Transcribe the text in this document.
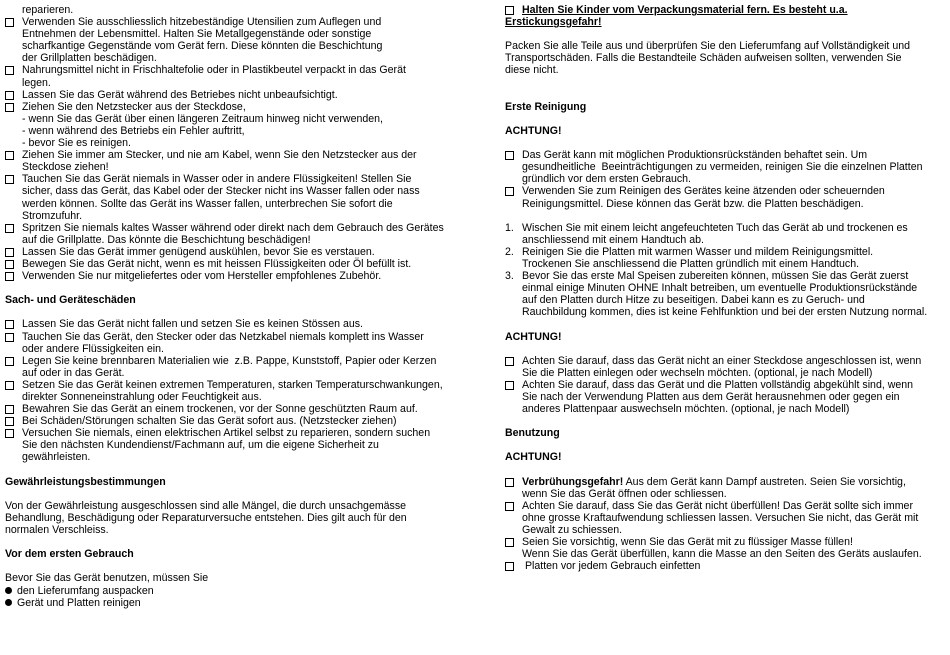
reparieren.
Verwenden Sie ausschliesslich hitzebeständige Utensilien zum Auflegen und
Entnehmen der Lebensmittel. Halten Sie Metallgegenstände oder sonstige
scharfkantige Gegenstände vom Gerät fern. Diese könnten die Beschichtung
der Grillplatten beschädigen.
Nahrungsmittel nicht in Frischhaltefolie oder in Plastikbeutel verpackt in das Gerät
legen.
Lassen Sie das Gerät während des Betriebes nicht unbeaufsichtigt.
Ziehen Sie den Netzstecker aus der Steckdose,
- wenn Sie das Gerät über einen längeren Zeitraum hinweg nicht verwenden,
- wenn während des Betriebs ein Fehler auftritt,
- bevor Sie es reinigen.
Ziehen Sie immer am Stecker, und nie am Kabel, wenn Sie den Netzstecker aus der
Steckdose ziehen!
Tauchen Sie das Gerät niemals in Wasser oder in andere Flüssigkeiten! Stellen Sie
sicher, dass das Gerät, das Kabel oder der Stecker nicht ins Wasser fallen oder nass
werden können. Sollte das Gerät ins Wasser fallen, unterbrechen Sie sofort die
Stromzufuhr.
Spritzen Sie niemals kaltes Wasser während oder direkt nach dem Gebrauch des Gerätes
auf die Grillplatte. Das könnte die Beschichtung beschädigen!
Lassen Sie das Gerät immer genügend auskühlen, bevor Sie es verstauen.
Bewegen Sie das Gerät nicht, wenn es mit heissen Flüssigkeiten oder Öl befüllt ist.
Verwenden Sie nur mitgeliefertes oder vom Hersteller empfohlenes Zubehör.
Sach- und Geräteschäden
Lassen Sie das Gerät nicht fallen und setzen Sie es keinen Stössen aus.
Tauchen Sie das Gerät, den Stecker oder das Netzkabel niemals komplett ins Wasser
oder andere Flüssigkeiten ein.
Legen Sie keine brennbaren Materialien wie  z.B. Pappe, Kunststoff, Papier oder Kerzen
auf oder in das Gerät.
Setzen Sie das Gerät keinen extremen Temperaturen, starken Temperaturschwankungen,
direkter Sonneneinstrahlung oder Feuchtigkeit aus.
Bewahren Sie das Gerät an einem trockenen, vor der Sonne geschützten Raum auf.
Bei Schäden/Störungen schalten Sie das Gerät sofort aus. (Netzstecker ziehen)
Versuchen Sie niemals, einen elektrischen Artikel selbst zu reparieren, sondern suchen
Sie den nächsten Kundendienst/Fachmann auf, um die eigene Sicherheit zu
gewährleisten.
Gewährleistungsbestimmungen
Von der Gewährleistung ausgeschlossen sind alle Mängel, die durch unsachgemässe
Behandlung, Beschädigung oder Reparaturversuche entstehen. Dies gilt auch für den
normalen Verschleiss.
Vor dem ersten Gebrauch
Bevor Sie das Gerät benutzen, müssen Sie
den Lieferumfang auspacken
Gerät und Platten reinigen
Halten Sie Kinder vom Verpackungsmaterial fern. Es besteht u.a.
Erstickungsgefahr!
Packen Sie alle Teile aus und überprüfen Sie den Lieferumfang auf Vollständigkeit und
Transportschäden. Falls die Bestandteile Schäden aufweisen sollten, verwenden Sie
diese nicht.
Erste Reinigung
ACHTUNG!
Das Gerät kann mit möglichen Produktionsrückständen behaftet sein. Um
gesundheitliche  Beeinträchtigungen zu vermeiden, reinigen Sie die einzelnen Platten
gründlich vor dem ersten Gebrauch.
Verwenden Sie zum Reinigen des Gerätes keine ätzenden oder scheuernden
Reinigungsmittel. Diese können das Gerät bzw. die Platten beschädigen.
1. Wischen Sie mit einem leicht angefeuchteten Tuch das Gerät ab und trockenen es
anschliessend mit einem Handtuch ab.
2. Reinigen Sie die Platten mit warmen Wasser und mildem Reinigungsmittel.
Trockenen Sie anschliessend die Platten gründlich mit einem Handtuch.
3. Bevor Sie das erste Mal Speisen zubereiten können, müssen Sie das Gerät zuerst
einmal einige Minuten OHNE Inhalt betreiben, um eventuelle Produktionsrückstände
auf den Platten durch Hitze zu beseitigen. Dabei kann es zu Geruch- und
Rauchbildung kommen, dies ist keine Fehlfunktion und bei der ersten Nutzung normal.
ACHTUNG!
Achten Sie darauf, dass das Gerät nicht an einer Steckdose angeschlossen ist, wenn
Sie die Platten einlegen oder wechseln möchten. (optional, je nach Modell)
Achten Sie darauf, dass das Gerät und die Platten vollständig abgekühlt sind, wenn
Sie nach der Verwendung Platten aus dem Gerät herausnehmen oder gegen ein
anderes Plattenpaar auswechseln möchten. (optional, je nach Modell)
Benutzung
ACHTUNG!
Verbrühungsgefahr! Aus dem Gerät kann Dampf austreten. Seien Sie vorsichtig,
wenn Sie das Gerät öffnen oder schliessen.
Achten Sie darauf, dass Sie das Gerät nicht überfüllen! Das Gerät sollte sich immer
ohne grosse Kraftaufwendung schliessen lassen. Versuchen Sie nicht, das Gerät mit
Gewalt zu schiessen.
Seien Sie vorsichtig, wenn Sie das Gerät mit zu flüssiger Masse füllen!
Wenn Sie das Gerät überfüllen, kann die Masse an den Seiten des Geräts auslaufen.
Platten vor jedem Gebrauch einfetten
